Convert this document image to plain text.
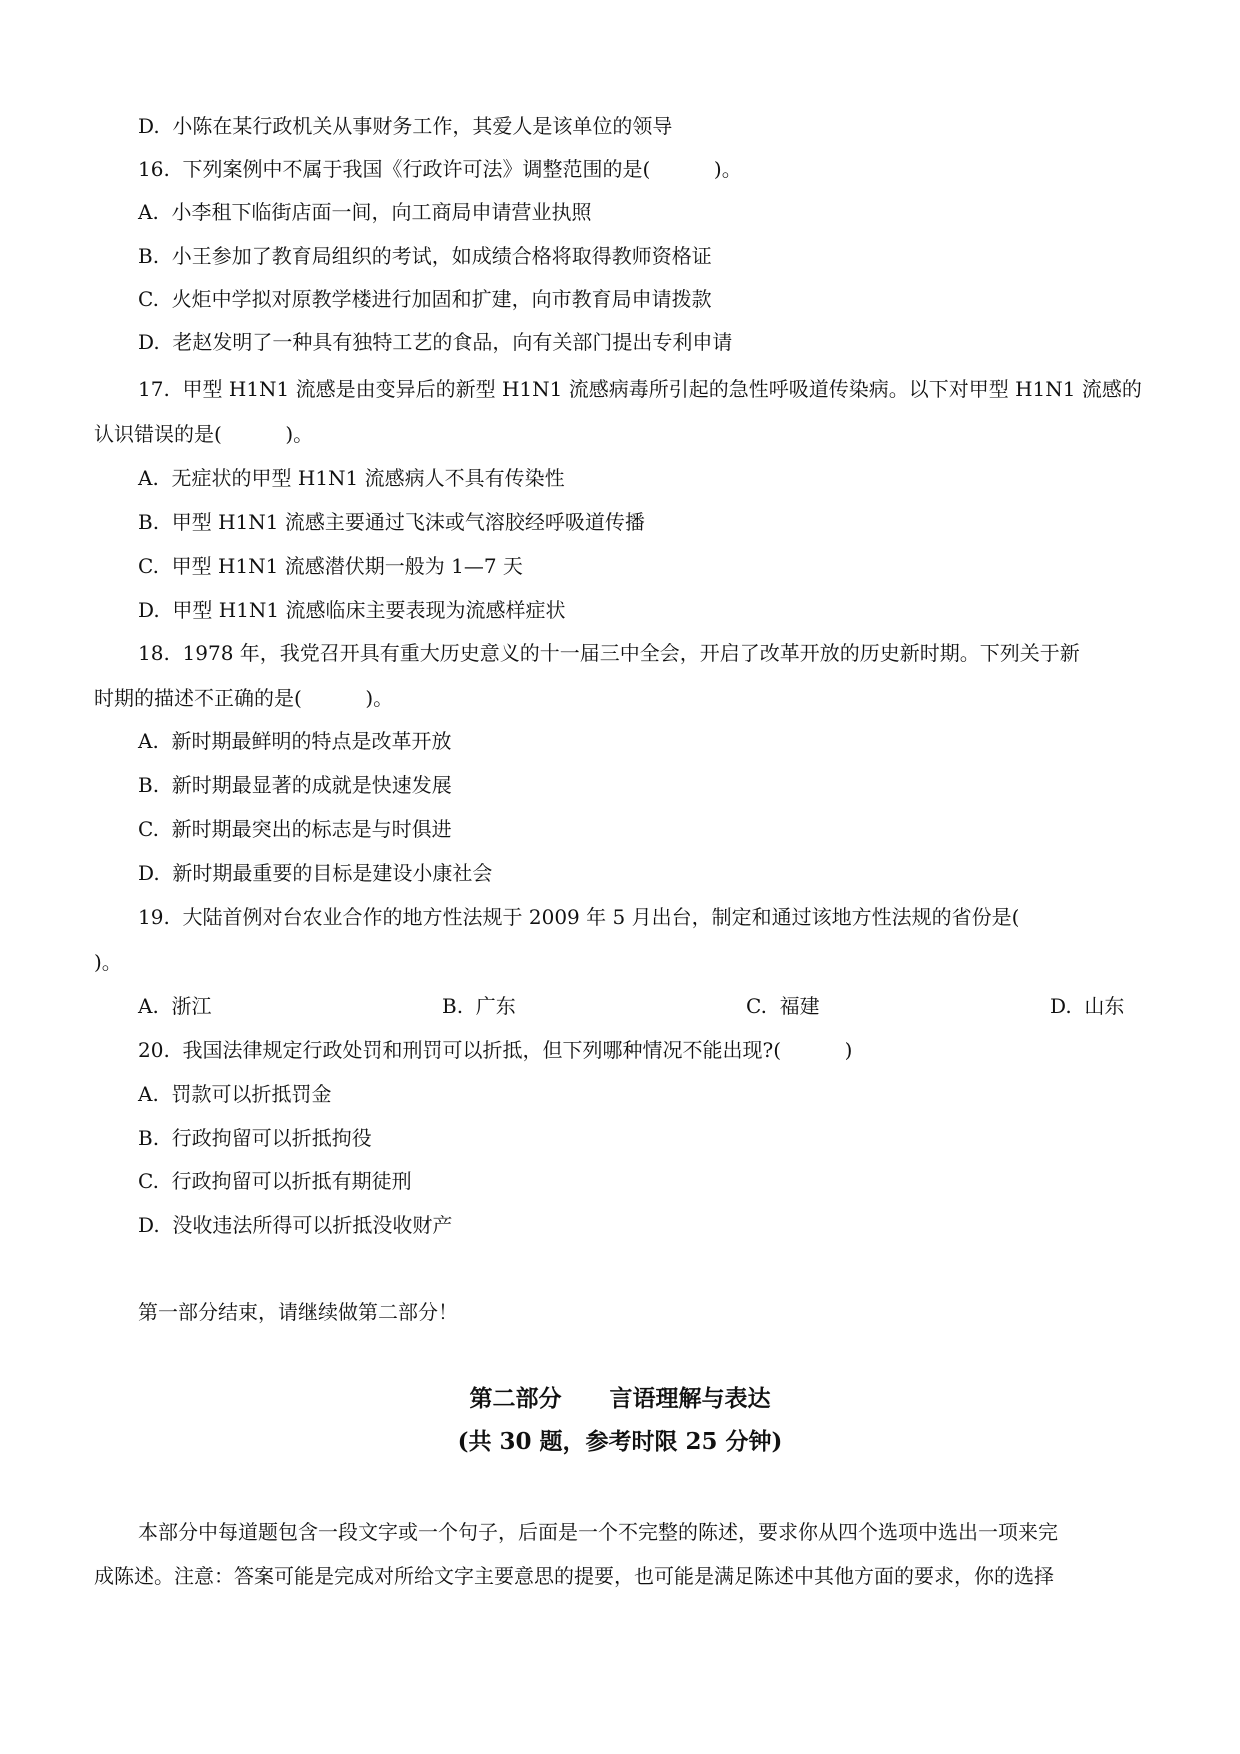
D.  小陈在某行政机关从事财务工作，其爱人是该单位的领导
16.  下列案例中不属于我国《行政许可法》调整范围的是(          )。
A.  小李租下临街店面一间，向工商局申请营业执照
B.  小王参加了教育局组织的考试，如成绩合格将取得教师资格证
C.  火炬中学拟对原教学楼进行加固和扩建，向市教育局申请拨款
D.  老赵发明了一种具有独特工艺的食品，向有关部门提出专利申请
17.  甲型 H1N1 流感是由变异后的新型 H1N1 流感病毒所引起的急性呼吸道传染病。以下对甲型 H1N1 流感的
认识错误的是(          )。
A.  无症状的甲型 H1N1 流感病人不具有传染性
B.  甲型 H1N1 流感主要通过飞沫或气溶胶经呼吸道传播
C.  甲型 H1N1 流感潜伏期一般为 1—7 天
D.  甲型 H1N1 流感临床主要表现为流感样症状
18.  1978 年，我党召开具有重大历史意义的十一届三中全会，开启了改革开放的历史新时期。下列关于新
时期的描述不正确的是(          )。
A.  新时期最鲜明的特点是改革开放
B.  新时期最显著的成就是快速发展
C.  新时期最突出的标志是与时俱进
D.  新时期最重要的目标是建设小康社会
19.  大陆首例对台农业合作的地方性法规于 2009 年 5 月出台，制定和通过该地方性法规的省份是(
)。

A.  浙江

	B.  广东

	C.  福建

	D.  山东

20.  我国法律规定行政处罚和刑罚可以折抵，但下列哪种情况不能出现?(          )
A.  罚款可以折抵罚金
B.  行政拘留可以折抵拘役
C.  行政拘留可以折抵有期徒刑
D.  没收违法所得可以折抵没收财产
第一部分结束，请继续做第二部分！
第二部分      言语理解与表达
(共 30 题，参考时限 25 分钟)
本部分中每道题包含一段文字或一个句子，后面是一个不完整的陈述，要求你从四个选项中选出一项来完
成陈述。注意：答案可能是完成对所给文字主要意思的提要，也可能是满足陈述中其他方面的要求，你的选择
